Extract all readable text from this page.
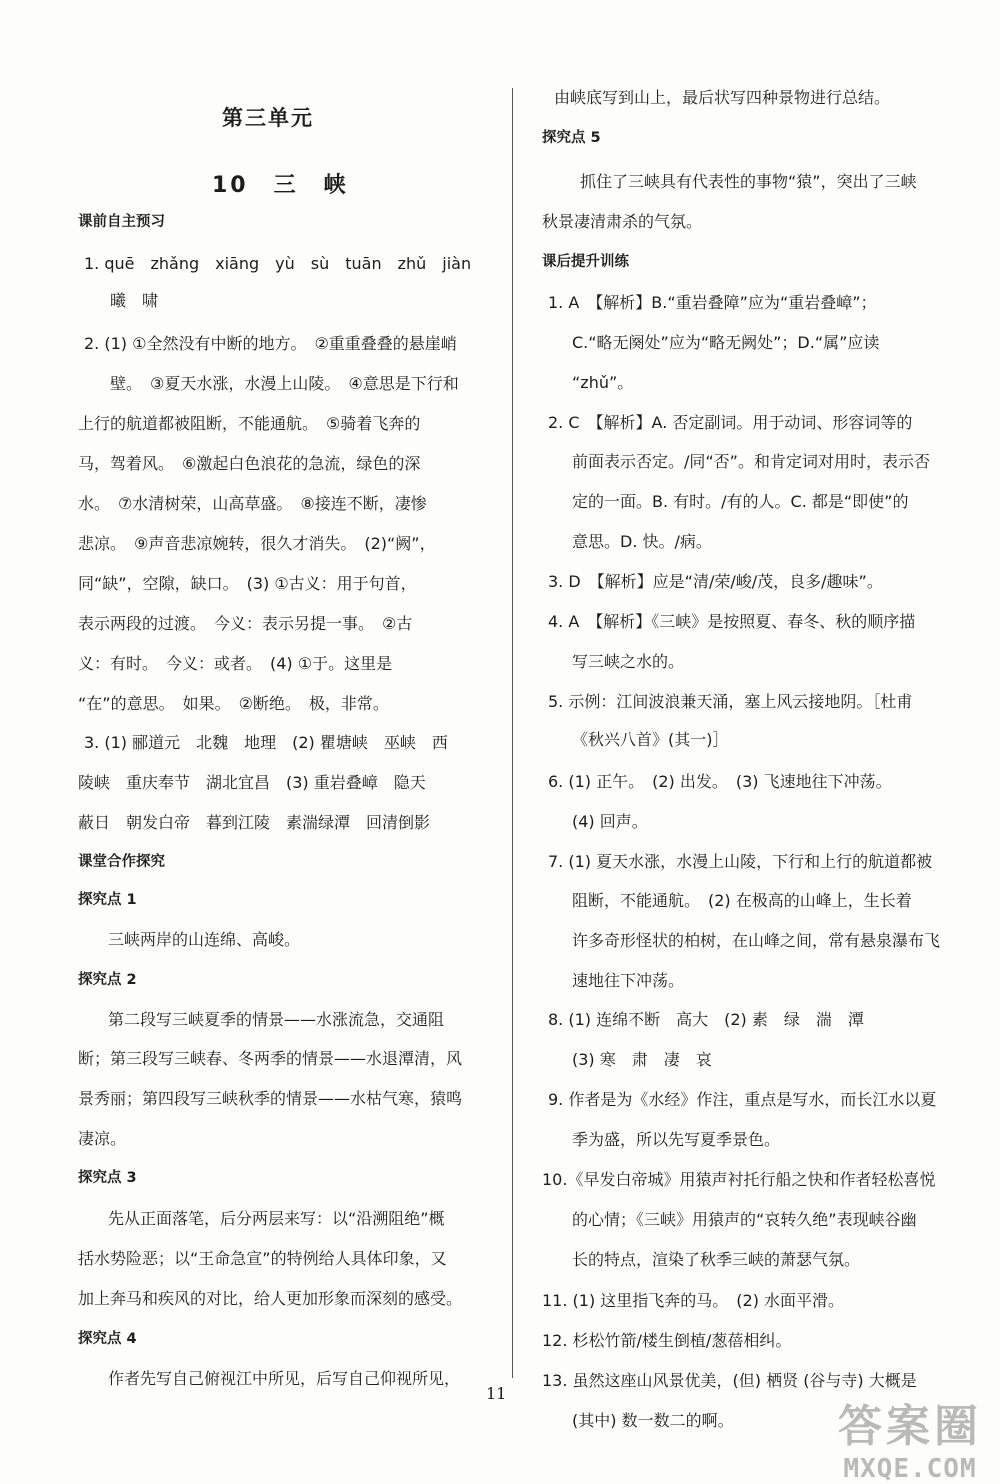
第三单元
10　三　峡
课前自主预习
1. quē　zhǎng　xiāng　yù　sù　tuān　zhǔ　jiàn
曦　啸
2. (1) ①全然没有中断的地方。　②重重叠叠的悬崖峭
壁。　③夏天水涨，水漫上山陵。　④意思是下行和
上行的航道都被阻断，不能通航。　⑤骑着飞奔的
马，驾着风。　⑥激起白色浪花的急流，绿色的深
水。　⑦水清树荣，山高草盛。　⑧接连不断，凄惨
悲凉。　⑨声音悲凉婉转，很久才消失。　(2)“阙”，
同“缺”，空隙，缺口。　(3) ①古义：用于句首，
表示两段的过渡。　今义：表示另提一事。　②古
义：有时。　今义：或者。　(4) ①于。这里是
“在”的意思。　如果。　②断绝。　极，非常。
3. (1) 郦道元　北魏　地理　(2) 瞿塘峡　巫峡　西
陵峡　重庆奉节　湖北宜昌　(3) 重岩叠嶂　隐天
蔽日　朝发白帝　暮到江陵　素湍绿潭　回清倒影
课堂合作探究
探究点 1
三峡两岸的山连绵、高峻。
探究点 2
第二段写三峡夏季的情景——水涨流急，交通阻
断；第三段写三峡春、冬两季的情景——水退潭清，风
景秀丽；第四段写三峡秋季的情景——水枯气寒，猿鸣
凄凉。
探究点 3
先从正面落笔，后分两层来写：以“沿溯阻绝”概
括水势险恶；以“王命急宣”的特例给人具体印象，又
加上奔马和疾风的对比，给人更加形象而深刻的感受。
探究点 4
作者先写自己俯视江中所见，后写自己仰视所见，
由峡底写到山上，最后状写四种景物进行总结。
探究点 5
抓住了三峡具有代表性的事物“猿”，突出了三峡
秋景凄清肃杀的气氛。
课后提升训练
1. A　【解析】B.“重岩叠障”应为“重岩叠嶂”；
C.“略无阕处”应为“略无阙处”；D.“属”应读
“zhǔ”。
2. C　【解析】A. 否定副词。用于动词、形容词等的
前面表示否定。/同“否”。和肯定词对用时，表示否
定的一面。B. 有时。/有的人。C. 都是“即使”的
意思。D. 快。/病。
3. D　【解析】应是“清/荣/峻/茂，良多/趣味”。
4. A　【解析】《三峡》是按照夏、春冬、秋的顺序描
写三峡之水的。
5. 示例：江间波浪兼天涌，塞上风云接地阴。［杜甫
《秋兴八首》(其一)］
6. (1) 正午。　(2) 出发。　(3) 飞速地往下冲荡。
(4) 回声。
7. (1) 夏天水涨，水漫上山陵，下行和上行的航道都被
阻断，不能通航。　(2) 在极高的山峰上，生长着
许多奇形怪状的柏树，在山峰之间，常有悬泉瀑布飞
速地往下冲荡。
8. (1) 连绵不断　高大　(2) 素　绿　湍　潭
(3) 寒　肃　凄　哀
9. 作者是为《水经》作注，重点是写水，而长江水以夏
季为盛，所以先写夏季景色。
10.《早发白帝城》用猿声衬托行船之快和作者轻松喜悦
的心情；《三峡》用猿声的“哀转久绝”表现峡谷幽
长的特点，渲染了秋季三峡的萧瑟气氛。
11. (1) 这里指飞奔的马。　(2) 水面平滑。
12. 杉松竹箭/楼生倒植/葱蓓相纠。
13. 虽然这座山风景优美，(但) 栖贤 (谷与寺) 大概是
(其中) 数一数二的啊。
11
答案圈
MXQE.COM
